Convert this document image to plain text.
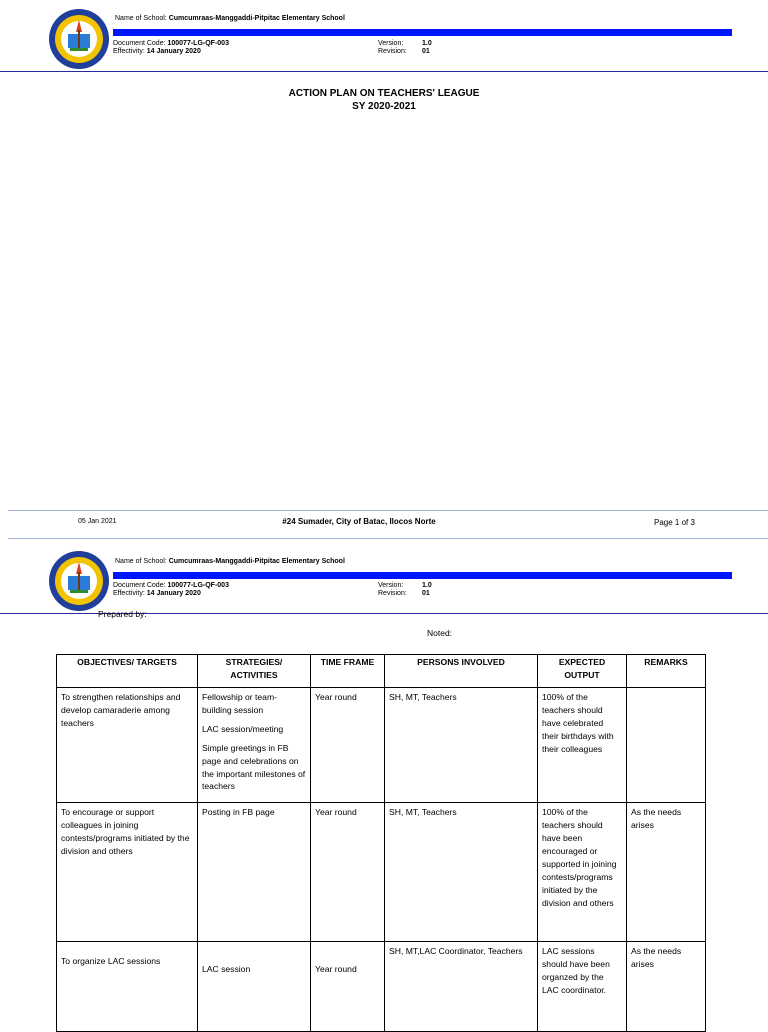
Name of School: Cumcumraas-Manggaddi-Pitpitac Elementary School
Document Code: 100077-LG-QF-003
Effectivity: 14 January 2020
Version:	1.0
Revision: 01
ACTION PLAN ON TEACHERS' LEAGUE
SY 2020-2021
05 Jan 2021	#24 Sumader, City of Batac, Ilocos Norte	Page 1 of 3
Name of School: Cumcumraas-Manggaddi-Pitpitac Elementary School
Document Code: 100077-LG-QF-003
Effectivity: 14 January 2020
Version:	1.0
Revision: 01
Prepared by:
Noted:
OBJECTIVES/ TARGETS	STRATEGIES/ ACTIVITIES	TIME FRAME	PERSONS INVOLVED	EXPECTED OUTPUT	REMARKS
To strengthen relationships and develop camaraderie among teachers	Fellowship or team-building session
LAC session/meeting
Simple greetings in FB page and celebrations on the important milestones of teachers	Year round	SH, MT, Teachers	100% of the teachers should have celebrated their birthdays with their colleagues	
To encourage or support colleagues in joining contests/programs initiated by the division and others	Posting in FB page	Year round	SH, MT, Teachers	100% of the teachers should have been encouraged or supported in joining contests/programs initiated by the division and others	As the needs arises
To organize LAC sessions	LAC session	Year round	SH, MT,LAC Coordinator, Teachers	LAC sessions should have been organzed by the LAC coordinator.	As the needs arises
